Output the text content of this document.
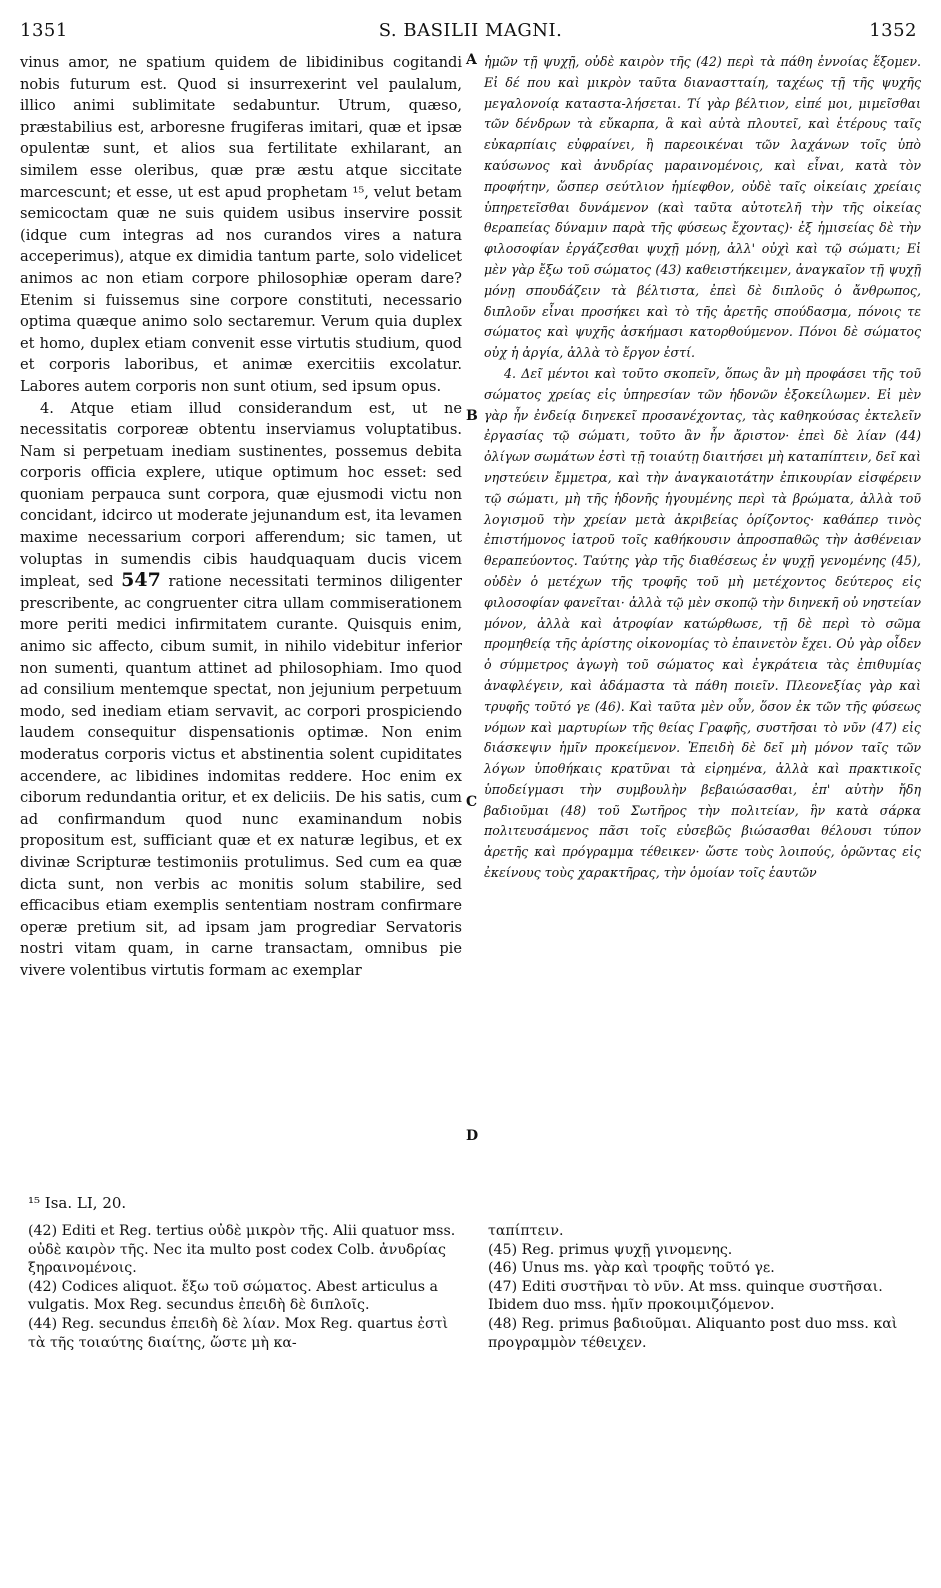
S. BASILII MAGNI.
1351	1352

vinus amor, ne spatium quidem de libidinibus cogitandi nobis futurum est. Quod si insurrexerint vel paulalum, illico animi sublimitate sedabuntur. Utrum, quæso, præstabilius est, arboresne frugiferas imitari, quæ et ipsæ opulentæ sunt, et alios sua fertilitate exhilarant, an similem esse oleribus, quæ præ æstu atque siccitate marcescunt; et esse, ut est apud prophetam ¹⁵, velut betam semicoctam quæ ne suis quidem usibus inservire possit (idque cum integras ad nos curandos vires a natura acceperimus), atque ex dimidia tantum parte, solo videlicet animos ac non etiam corpore philosophiæ operam dare? Etenim si fuissemus sine corpore constituti, necessario optima quæque animo solo sectaremur. Verum quia duplex et homo, duplex etiam convenit esse virtutis studium, quod et corporis laboribus, et animæ exercitiis excolatur. Labores autem corporis non sunt otium, sed ipsum opus.

4. Atque etiam illud considerandum est, ut ne necessitatis corporeæ obtentu inserviamus voluptatibus. Nam si perpetuam inediam sustinentes, possemus debita corporis officia explere, utique optimum hoc esset: sed quoniam perpauca sunt corpora, quæ ejusmodi victu non concidant, idcirco ut moderate jejunandum est, ita levamen maxime necessarium corpori afferendum; sic tamen, ut voluptas in sumendis cibis haudquaquam ducis vicem impleat, sed 547 ratione necessitati terminos diligenter prescribente, ac congruenter citra ullam commiserationem more periti medici infirmitatem curante. Quisquis enim, animo sic affecto, cibum sumit, in nihilo videbitur inferior non sumenti, quantum attinet ad philosophiam. Imo quod ad consilium mentemque spectat, non jejunium perpetuum modo, sed inediam etiam servavit, ac corpori prospiciendo laudem consequitur dispensationis optimæ. Non enim moderatus corporis victus et abstinentia solent cupiditates accendere, ac libidines indomitas reddere. Hoc enim ex ciborum redundantia oritur, et ex deliciis. De his satis, cum ad confirmandum quod nunc examinandum nobis propositum est, sufficiant quæ et ex naturæ legibus, et ex divinæ Scripturæ testimoniis protulimus. Sed cum ea quæ dicta sunt, non verbis ac monitis solum stabilire, sed efficacibus etiam exemplis sententiam nostram confirmare operæ pretium sit, ad ipsam jam progrediar Servatoris nostri vitam quam, in carne transactam, omnibus pie vivere volentibus virtutis formam ac exemplar

A
B
C
D

ἡμῶν τῇ ψυχῇ, οὐδὲ καιρὸν τῆς (42) περὶ τὰ πάθη ἐννοίας ἕξομεν. Εἰ δέ που καὶ μικρὸν ταῦτα διαναστταίη, ταχέως τῇ τῆς ψυχῆς μεγαλονοίᾳ καταστα-λήσεται. Τί γὰρ βέλτιον, εἰπέ μοι, μιμεῖσθαι τῶν δένδρων τὰ εὔκαρπα, ἃ καὶ αὐτὰ πλουτεῖ, καὶ ἑτέρους ταῖς εὐκαρπίαις εὐφραίνει, ἢ παρεοικέναι τῶν λαχάνων τοῖς ὑπὸ καύσωνος καὶ ἀνυδρίας μαραινομένοις, καὶ εἶναι, κατὰ τὸν προφήτην, ὥσπερ σεύτλιον ἡμίεφθον, οὐδὲ ταῖς οἰκείαις χρείαις ὑπηρετεῖσθαι δυνάμενον (καὶ ταῦτα αὐτοτελῆ τὴν τῆς οἰκείας θεραπείας δύναμιν παρὰ τῆς φύσεως ἔχοντας)· ἐξ ἡμισείας δὲ τὴν φιλοσοφίαν ἐργάζεσθαι ψυχῇ μόνῃ, ἀλλ' οὐχὶ καὶ τῷ σώματι; Εἰ μὲν γὰρ ἔξω τοῦ σώματος (43) καθειστήκειμεν, ἀναγκαῖον τῇ ψυχῇ μόνῃ σπουδάζειν τὰ βέλτιστα, ἐπεὶ δὲ διπλοῦς ὁ ἄνθρωπος, διπλοῦν εἶναι προσήκει καὶ τὸ τῆς ἀρετῆς σπούδασμα, πόνοις τε σώματος καὶ ψυχῆς ἀσκήμασι κατορθούμενον. Πόνοι δὲ σώματος οὐχ ἡ ἀργία, ἀλλὰ τὸ ἔργον ἐστί.

4. Δεῖ μέντοι καὶ τοῦτο σκοπεῖν, ὅπως ἂν μὴ προφάσει τῆς τοῦ σώματος χρείας εἰς ὑπηρεσίαν τῶν ἡδονῶν ἐξοκείλωμεν. Εἰ μὲν γὰρ ἦν ἐνδείᾳ διηνεκεῖ προσανέχοντας, τὰς καθηκούσας ἐκτελεῖν ἐργασίας τῷ σώματι, τοῦτο ἂν ἦν ἄριστον· ἐπεὶ δὲ λίαν (44) ὀλίγων σωμάτων ἐστὶ τῇ τοιαύτῃ διαιτήσει μὴ καταπίπτειν, δεῖ καὶ νηστεύειν ἔμμετρα, καὶ τὴν ἀναγκαιοτάτην ἐπικουρίαν εἰσφέρειν τῷ σώματι, μὴ τῆς ἡδονῆς ἡγουμένης περὶ τὰ βρώματα, ἀλλὰ τοῦ λογισμοῦ τὴν χρείαν μετὰ ἀκριβείας ὁρίζοντος· καθάπερ τινὸς ἐπιστήμονος ἰατροῦ τοῖς καθήκουσιν ἀπροσπαθῶς τὴν ἀσθένειαν θεραπεύοντος. Ταύτης γὰρ τῆς διαθέσεως ἐν ψυχῇ γενομένης (45), οὐδὲν ὁ μετέχων τῆς τροφῆς τοῦ μὴ μετέχοντος δεύτερος εἰς φιλοσοφίαν φανεῖται· ἀλλὰ τῷ μὲν σκοπῷ τὴν διηνεκῆ οὐ νηστείαν μόνον, ἀλλὰ καὶ ἀτροφίαν κατώρθωσε, τῇ δὲ περὶ τὸ σῶμα προμηθείᾳ τῆς ἀρίστης οἰκονομίας τὸ ἐπαινετὸν ἔχει. Οὐ γὰρ οἶδεν ὁ σύμμετρος ἀγωγὴ τοῦ σώματος καὶ ἐγκράτεια τὰς ἐπιθυμίας ἀναφλέγειν, καὶ ἀδάμαστα τὰ πάθη ποιεῖν. Πλεονεξίας γὰρ καὶ τρυφῆς τοῦτό γε (46). Καὶ ταῦτα μὲν οὖν, ὅσον ἐκ τῶν τῆς φύσεως νόμων καὶ μαρτυρίων τῆς θείας Γραφῆς, συστῆσαι τὸ νῦν (47) εἰς διάσκεψιν ἡμῖν προκείμενον. Ἐπειδὴ δὲ δεῖ μὴ μόνον ταῖς τῶν λόγων ὑποθήκαις κρατῦναι τὰ εἰρημένα, ἀλλὰ καὶ πρακτικοῖς ὑποδείγμασι τὴν συμβουλὴν βεβαιώσασθαι, ἐπ' αὐτὴν ἤδη βαδιοῦμαι (48) τοῦ Σωτῆρος τὴν πολιτείαν, ἣν κατὰ σάρκα πολιτευσάμενος πᾶσι τοῖς εὐσεβῶς βιώσασθαι θέλουσι τύπον ἀρετῆς καὶ πρόγραμμα τέθεικεν· ὥστε τοὺς λοιπούς, ὁρῶντας εἰς ἐκείνους τοὺς χαρακτῆρας, τὴν ὁμοίαν τοῖς ἑαυτῶν

¹⁵ Isa. LI, 20.

(42) Editi et Reg. tertius οὐδὲ μικρὸν τῆς. Alii quatuor mss. οὐδὲ καιρὸν τῆς. Nec ita multo post codex Colb. ἀνυδρίας ξηραινομένοις.

(42) Codices aliquot. ἔξω τοῦ σώματος. Abest articulus a vulgatis. Mox Reg. secundus ἐπειδὴ δὲ διπλοῖς.

(44) Reg. secundus ἐπειδὴ δὲ λίαν. Mox Reg. quartus ἐστὶ τὰ τῆς τοιαύτης διαίτης, ὥστε μὴ κα-

ταπίπτειν.

(45) Reg. primus ψυχῇ γινομενης.

(46) Unus ms. γὰρ καὶ τροφῆς τοῦτό γε.

(47) Editi συστῆναι τὸ νῦν. At mss. quinque συστῆσαι. Ibidem duo mss. ἡμῖν προκοιμιζόμενον.

(48) Reg. primus βαδιοῦμαι. Aliquanto post duo mss. καὶ προγραμμὸν τέθειχεν.
